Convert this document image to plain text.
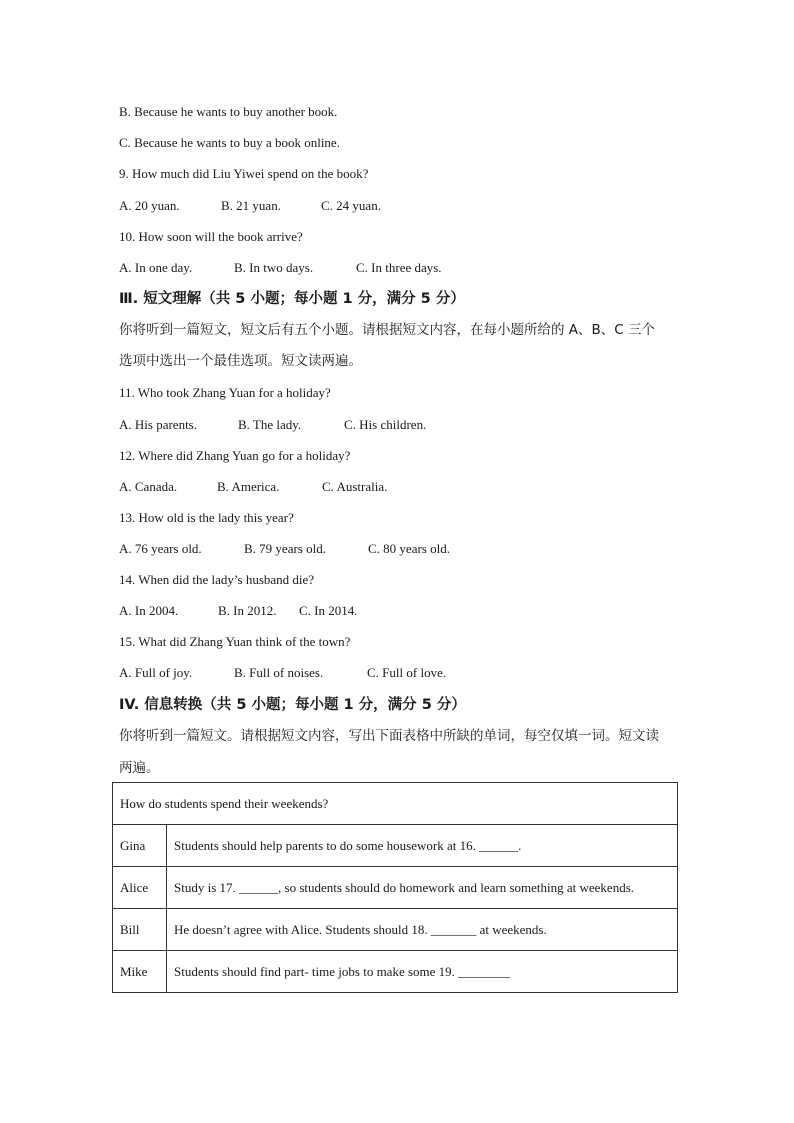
B. Because he wants to buy another book.
C. Because he wants to buy a book online.
9. How much did Liu Yiwei spend on the book?
A. 20 yuan.	B. 21 yuan.	C. 24 yuan.
10. How soon will the book arrive?
A. In one day.	B. In two days.	C. In three days.
Ⅲ. 短文理解（共 5 小题；每小题 1 分，满分 5 分）
你将听到一篇短文，短文后有五个小题。请根据短文内容，在每小题所给的 A、B、C 三个
选项中选出一个最佳选项。短文读两遍。
11. Who took Zhang Yuan for a holiday?
A. His parents.	B. The lady.	C. His children.
12. Where did Zhang Yuan go for a holiday?
A. Canada.	B. America.	C. Australia.
13. How old is the lady this year?
A. 76 years old.	B. 79 years old.	C. 80 years old.
14. When did the lady’s husband die?
A. In 2004.	B. In 2012. C. In 2014.
15. What did Zhang Yuan think of the town?
A. Full of joy.	B. Full of noises.	C. Full of love.
IV. 信息转换（共 5 小题；每小题 1 分，满分 5 分）
你将听到一篇短文。请根据短文内容，写出下面表格中所缺的单词，每空仅填一词。短文读
两遍。
How do students spend their weekends?	
Gina	Students should help parents to do some housework at 16. ______.
Alice	Study is 17. ______, so students should do homework and learn something at weekends.
Bill	He doesn’t agree with Alice. Students should 18. _______ at weekends.
Mike	Students should find part- time jobs to make some 19. ________
